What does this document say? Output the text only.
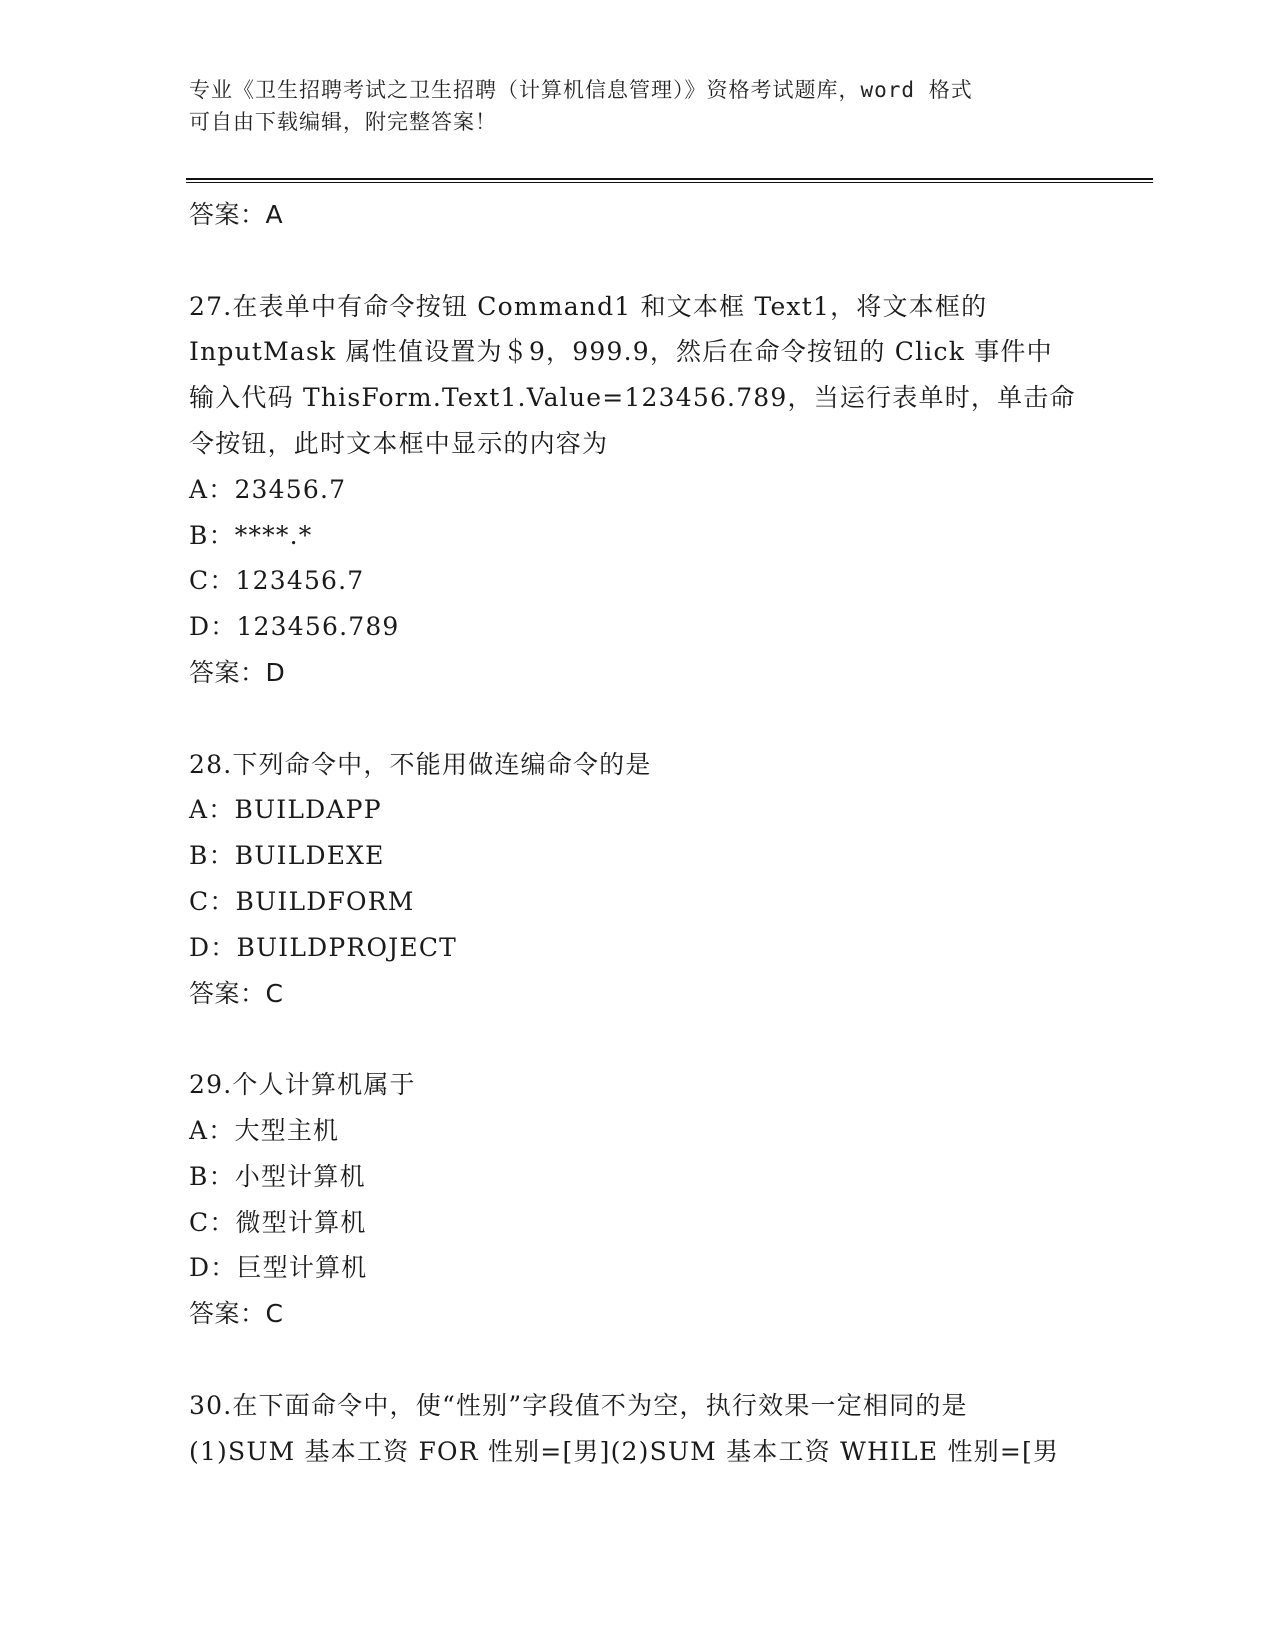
专业《卫生招聘考试之卫生招聘（计算机信息管理）》资格考试题库，word 格式
可自由下载编辑，附完整答案！
答案：A
27.在表单中有命令按钮 Command1 和文本框 Text1，将文本框的
InputMask 属性值设置为＄9，999.9，然后在命令按钮的 Click 事件中
输入代码 ThisForm.Text1.Value=123456.789，当运行表单时，单击命
令按钮，此时文本框中显示的内容为
A：23456.7
B：****.*
C：123456.7
D：123456.789
答案：D
28.下列命令中，不能用做连编命令的是
A：BUILDAPP
B：BUILDEXE
C：BUILDFORM
D：BUILDPROJECT
答案：C
29.个人计算机属于
A：大型主机
B：小型计算机
C：微型计算机
D：巨型计算机
答案：C
30.在下面命令中，使“性别”字段值不为空，执行效果一定相同的是
(1)SUM 基本工资 FOR 性别=[男](2)SUM 基本工资 WHILE 性别=[男
